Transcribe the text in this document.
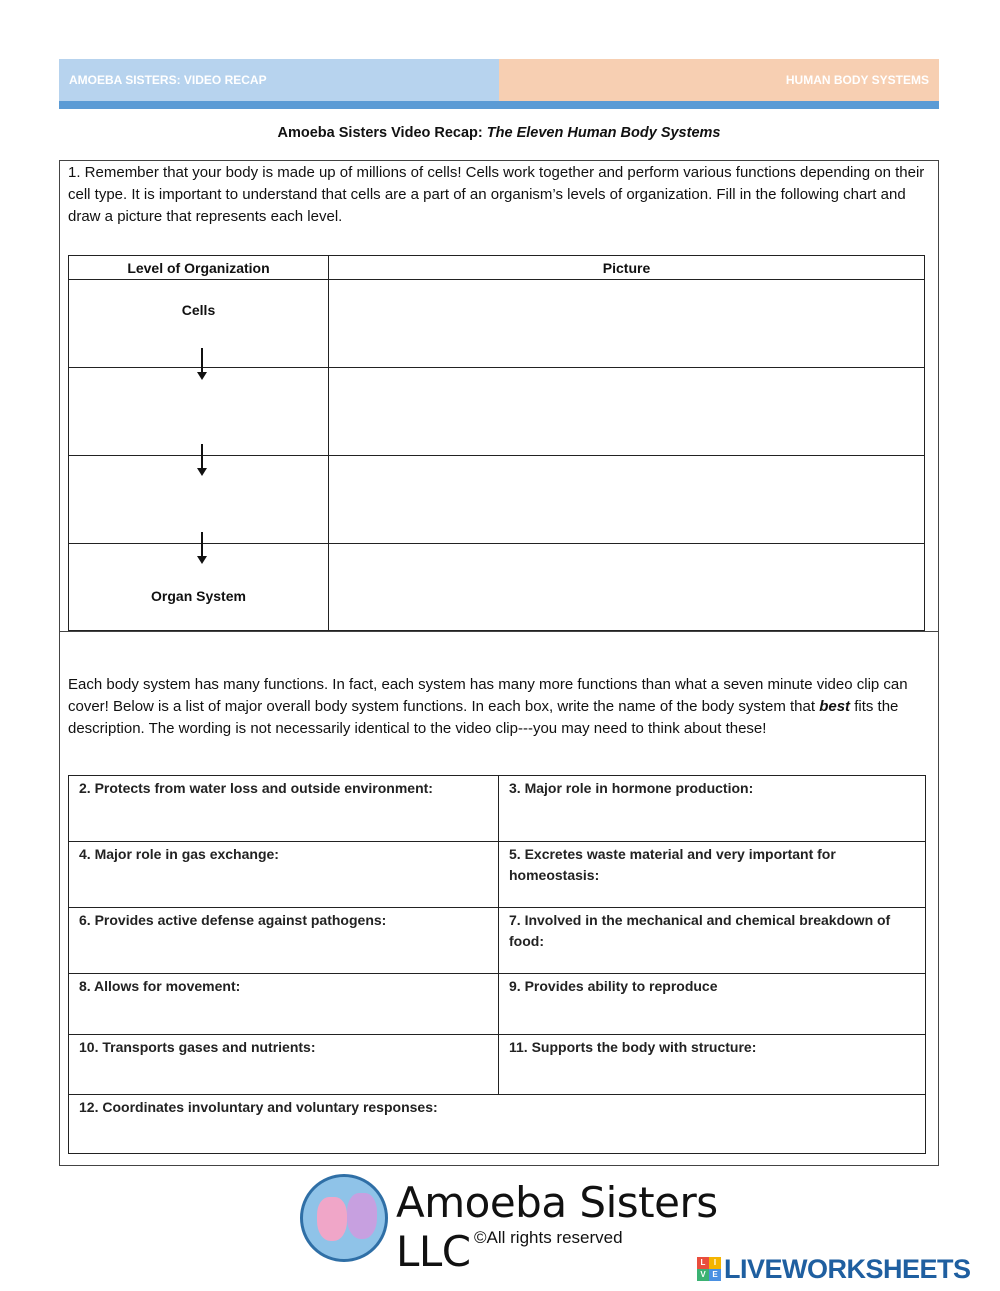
AMOEBA SISTERS: VIDEO RECAP	HUMAN BODY SYSTEMS
Amoeba Sisters Video Recap: The Eleven Human Body Systems
1. Remember that your body is made up of millions of cells! Cells work together and perform various functions depending on their cell type. It is important to understand that cells are a part of an organism’s levels of organization. Fill in the following chart and draw a picture that represents each level.
Level of Organization	Picture
Cells
Organ System
Each body system has many functions. In fact, each system has many more functions than what a seven minute video clip can cover! Below is a list of major overall body system functions. In each box, write the name of the body system that best fits the description. The wording is not necessarily identical to the video clip---you may need to think about these!
2. Protects from water loss and outside environment:	3. Major role in hormone production:
4. Major role in gas exchange:	5. Excretes waste material and very important for homeostasis:
6. Provides active defense against pathogens:	7. Involved in the mechanical and chemical breakdown of food:
8. Allows for movement:	9. Provides ability to reproduce
10. Transports gases and nutrients:	11. Supports the body with structure:
12. Coordinates involuntary and voluntary responses:
Amoeba Sisters LLC ©All rights reserved
L	I
V E LIVEWORKSHEETS
